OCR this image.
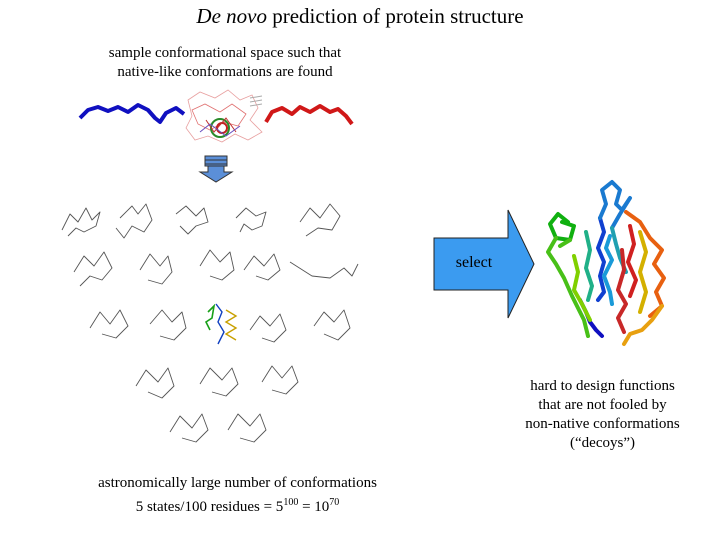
De novo prediction of protein structure
sample conformational space such that
native-like conformations are found
select
hard to design functions
that are not fooled by
non-native conformations
(“decoys”)
astronomically large number of conformations
5 states/100 residues = $5^{100} = 10^{70}$
